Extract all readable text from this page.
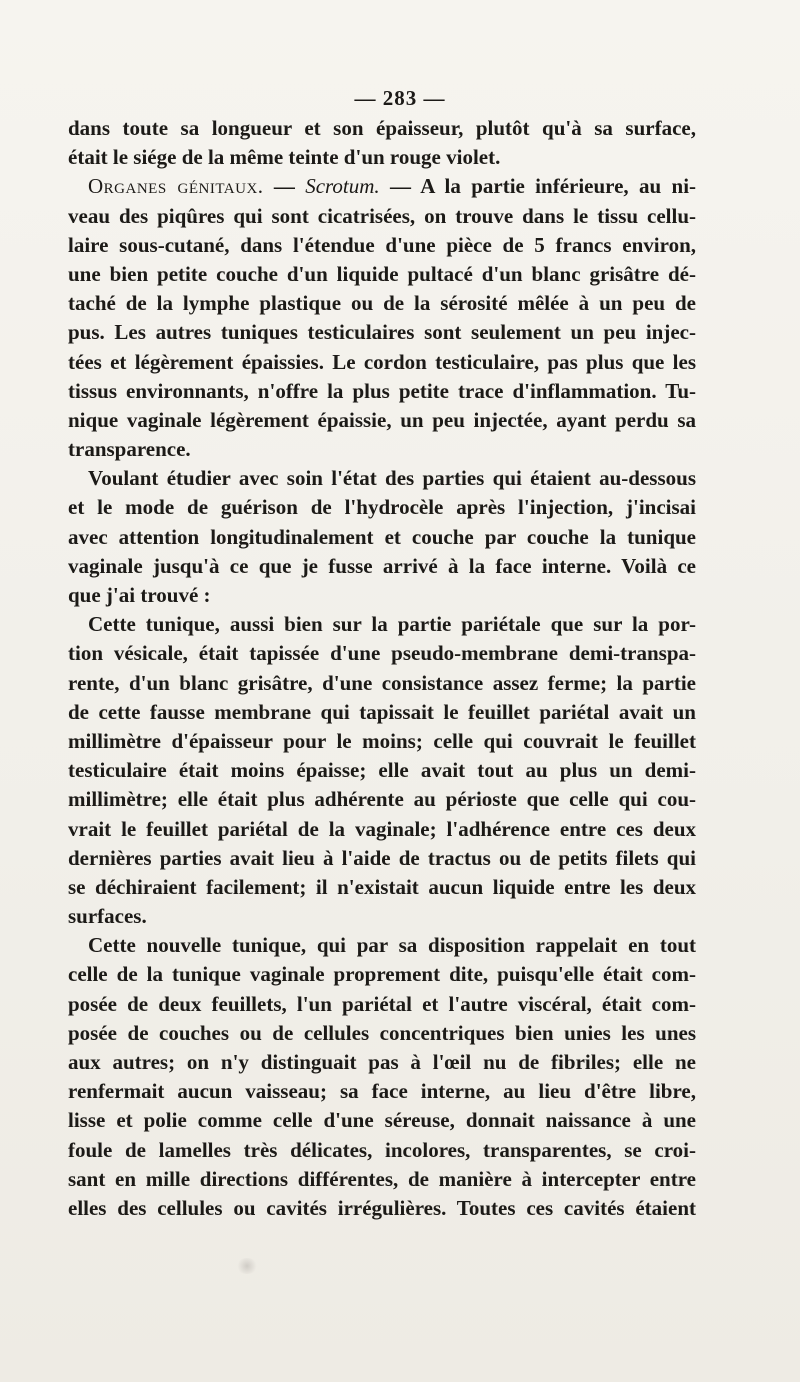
— 283 —
dans toute sa longueur et son épaisseur, plutôt qu'à sa surface,
était le siége de la même teinte d'un rouge violet.
Organes génitaux. — Scrotum. — A la partie inférieure, au ni-
veau des piqûres qui sont cicatrisées, on trouve dans le tissu cellu-
laire sous-cutané, dans l'étendue d'une pièce de 5 francs environ,
une bien petite couche d'un liquide pultacé d'un blanc grisâtre dé-
taché de la lymphe plastique ou de la sérosité mêlée à un peu de
pus. Les autres tuniques testiculaires sont seulement un peu injec-
tées et légèrement épaissies. Le cordon testiculaire, pas plus que les
tissus environnants, n'offre la plus petite trace d'inflammation. Tu-
nique vaginale légèrement épaissie, un peu injectée, ayant perdu sa
transparence.
Voulant étudier avec soin l'état des parties qui étaient au-dessous
et le mode de guérison de l'hydrocèle après l'injection, j'incisai
avec attention longitudinalement et couche par couche la tunique
vaginale jusqu'à ce que je fusse arrivé à la face interne. Voilà ce
que j'ai trouvé :
Cette tunique, aussi bien sur la partie pariétale que sur la por-
tion vésicale, était tapissée d'une pseudo-membrane demi-transpa-
rente, d'un blanc grisâtre, d'une consistance assez ferme; la partie
de cette fausse membrane qui tapissait le feuillet pariétal avait un
millimètre d'épaisseur pour le moins; celle qui couvrait le feuillet
testiculaire était moins épaisse; elle avait tout au plus un demi-
millimètre; elle était plus adhérente au périoste que celle qui cou-
vrait le feuillet pariétal de la vaginale; l'adhérence entre ces deux
dernières parties avait lieu à l'aide de tractus ou de petits filets qui
se déchiraient facilement; il n'existait aucun liquide entre les deux
surfaces.
Cette nouvelle tunique, qui par sa disposition rappelait en tout
celle de la tunique vaginale proprement dite, puisqu'elle était com-
posée de deux feuillets, l'un pariétal et l'autre viscéral, était com-
posée de couches ou de cellules concentriques bien unies les unes
aux autres; on n'y distinguait pas à l'œil nu de fibriles; elle ne
renfermait aucun vaisseau; sa face interne, au lieu d'être libre,
lisse et polie comme celle d'une séreuse, donnait naissance à une
foule de lamelles très délicates, incolores, transparentes, se croi-
sant en mille directions différentes, de manière à intercepter entre
elles des cellules ou cavités irrégulières. Toutes ces cavités étaient
